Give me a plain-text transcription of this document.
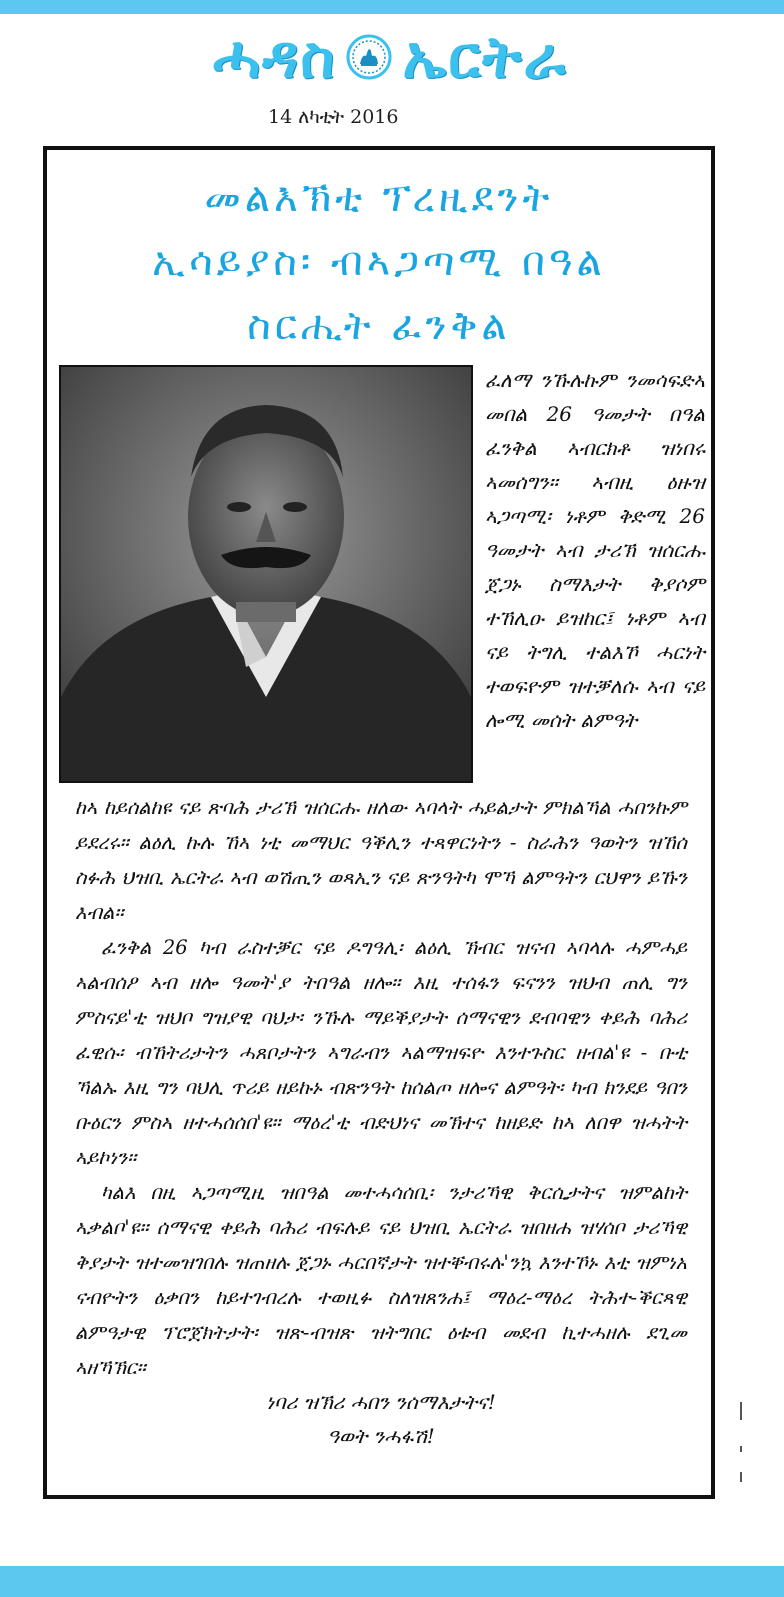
ሓዳስ ኤርትራ
14 ለካቲት 2016
መልእኽቲ ፕረዚደንት
ኢሳይያስ፡ ብኣጋጣሚ በዓል
ስርሒት ፈንቅል

ፈለማ ንኹሉኩም ንመሳፍድኣ መበል 26 ዓመታት በዓል ፈንቅል ኣብርክቶ ዝነበሩ ኣመሰግን። ኣብዚ ዕዙዝ ኣጋጣሚ፡ ነቶም ቅድሚ 26 ዓመታት ኣብ ታሪኽ ዝሰርሑ ጀጋኑ ስማእታት ቅያሶም ተኸሊዑ ይዝከር፤ ነቶም ኣብ ናይ ትግሊ ተልእኾ ሓርነት ተወፍዮም ዝተቓለሱ ኣብ ናይ ሎሚ መሰት ልምዓት

ከኣ ከይሰልከዩ ናይ ጽባሕ ታሪኽ ዝሰርሑ ዘለው ኣባላት ሓይልታት ምክልኻል ሓበንኩም ይደረሩ። ልዕሊ ኩሉ ኸኣ ነቲ መማህር ዓቕሊን ተጻዋርነትን - ስራሕን ዓወትን ዝኸሰ ስፉሕ ህዝቢ ኤርትራ ኣብ ወሽጢን ወጻኢን ናይ ጽንዓትካ ሞኻ ልምዓትን ርህዋን ይኹን እብል።

ፈንቅል 26 ካብ ራስተቓር ናይ ዶግዓሊ፡ ልዕሊ ኽብር ዝናብ ኣባላሉ ሓምሓይ ኣልብሰዖ ኣብ ዘሎ ዓመት'ያ ትበዓል ዘሎ። እዚ ተሰፋን ፍናንን ዝህብ ጠሊ ግን ምስናይ'ቲ ዝህቦ ግዝያዊ ባህታ፡ ንኹሉ ማይቕያታት ሰማናዊን ደብባዊን ቀይሕ ባሕሪ ፈዊሱ፡ ብኸትሪታትን ሓጸቦታትን ኣግራብን ኣልማዝፍዮ እንተጉስር ዘብል'ዩ - ቡቲ ኻልኡ እዚ ግን ባህሊ ጥሪይ ዘይኩኑ ብጽንዓት ከሰልጦ ዘሎና ልምዓት፡ ካብ ክንደይ ዓበን ቡዕርን ምስኣ ዘተሓሰሰበ'ዩ። ማዕረ'ቲ ብድህነና መኽተና ከዘይድ ከኣ ለበዋ ዝሓትት ኣይኮነን።

ካልእ በዚ ኣጋጣሚዚ ዝበዓል መተሓሳሰቢ፡ ንታሪኻዊ ቅርሲታትና ዝምልከት ኣቃልቦ'ዩ። ሰማናዊ ቀይሕ ባሕሪ ብፍሉይ ናይ ህዝቢ ኤርትራ ዝበዘሐ ዝሃሰቦ ታሪኻዊ ቅያታት ዝተመዝገበሉ ዝጠዘሉ ጀጋኑ ሓርበኛታት ዝተቐብሩሉ'ንኳ እንተኾኑ እቲ ዝምነአ ናብዮትን ዕቃበን ከይተገብረሉ ተወዚፉ ስለዝጸንሐ፤ ማዕረ-ማዕረ ትሕተ-ቕርጻዊ ልምዓታዊ ፕሮጀክትታት፡ ዝጽ-ብዝጽ ዝትግበር ዕቱብ መደብ ኪተሓዘሉ ደጊመ ኣዘኻኽር።

ነባሪ ዝኽሪ ሓበን ንሰማእታትና!

ዓወት ንሓፋሽ!
